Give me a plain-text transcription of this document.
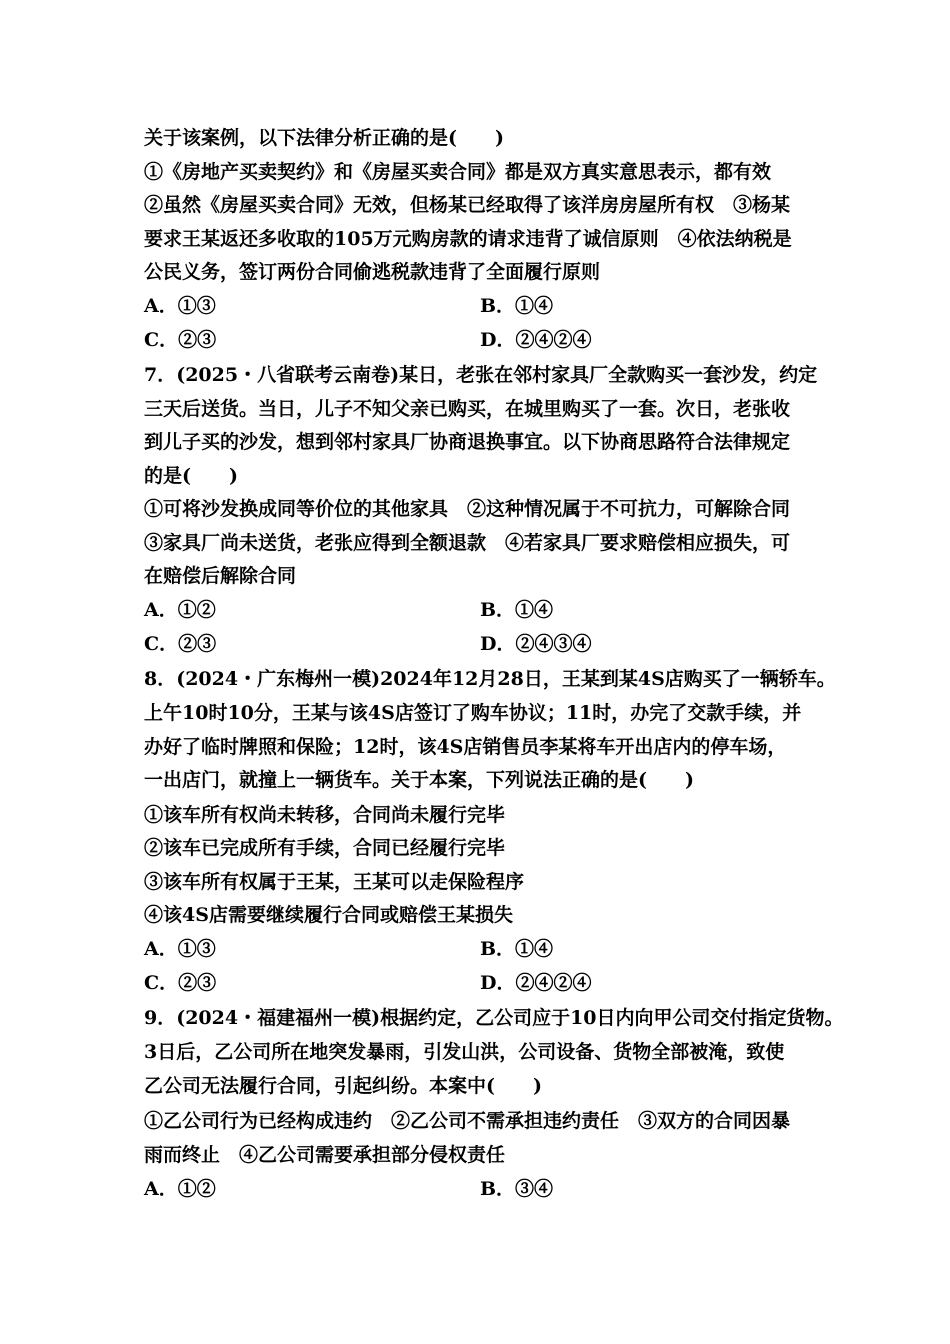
关于该案例，以下法律分析正确的是(　　)
①《房地产买卖契约》和《房屋买卖合同》都是双方真实意思表示，都有效
②虽然《房屋买卖合同》无效，但杨某已经取得了该洋房房屋所有权　③杨某
要求王某返还多收取的105万元购房款的请求违背了诚信原则　④依法纳税是
公民义务，签订两份合同偷逃税款违背了全面履行原则
A．①③	B．①④
C．②③	D．②④②④
7．(2025・八省联考云南卷)某日，老张在邻村家具厂全款购买一套沙发，约定
三天后送货。当日，儿子不知父亲已购买，在城里购买了一套。次日，老张收
到儿子买的沙发，想到邻村家具厂协商退换事宜。以下协商思路符合法律规定
的是(　　)
①可将沙发换成同等价位的其他家具　②这种情况属于不可抗力，可解除合同
③家具厂尚未送货，老张应得到全额退款　④若家具厂要求赔偿相应损失，可
在赔偿后解除合同
A．①②	B．①④
C．②③	D．②④③④
8．(2024・广东梅州一模)2024年12月28日，王某到某4S店购买了一辆轿车。
上午10时10分，王某与该4S店签订了购车协议；11时，办完了交款手续，并
办好了临时牌照和保险；12时，该4S店销售员李某将车开出店内的停车场，
一出店门，就撞上一辆货车。关于本案，下列说法正确的是(　　)
①该车所有权尚未转移，合同尚未履行完毕
②该车已完成所有手续，合同已经履行完毕
③该车所有权属于王某，王某可以走保险程序
④该4S店需要继续履行合同或赔偿王某损失
A．①③	B．①④
C．②③	D．②④②④
9．(2024・福建福州一模)根据约定，乙公司应于10日内向甲公司交付指定货物。
3日后，乙公司所在地突发暴雨，引发山洪，公司设备、货物全部被淹，致使
乙公司无法履行合同，引起纠纷。本案中(　　)
①乙公司行为已经构成违约　②乙公司不需承担违约责任　③双方的合同因暴
雨而终止　④乙公司需要承担部分侵权责任
A．①②	B．③④
